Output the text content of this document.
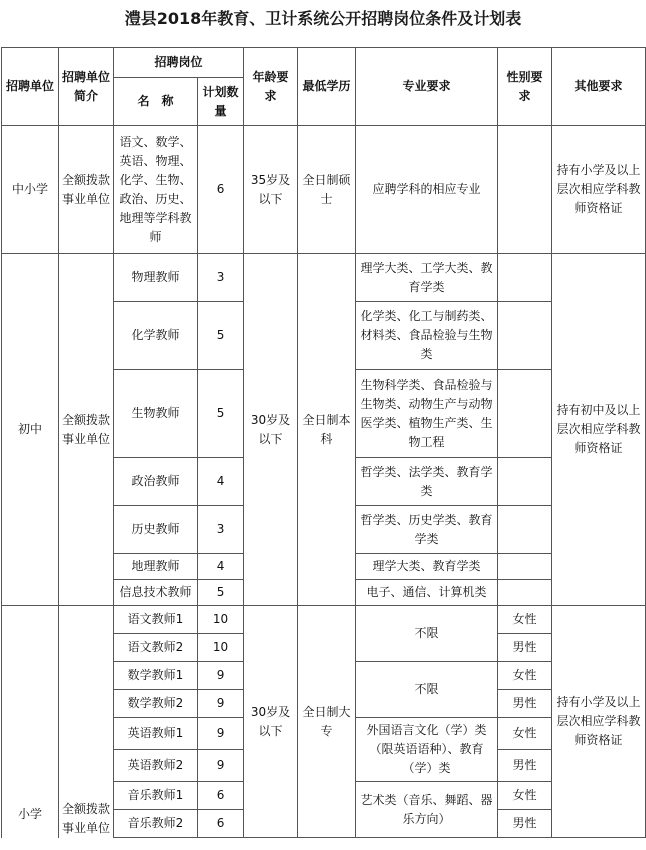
澧县2018年教育、卫计系统公开招聘岗位条件及计划表
招聘单位	招聘单位简介	招聘岗位		年龄要求	最低学历	专业要求	性别要求	其他要求
		名　称	计划数量					
中小学	全额拨款事业单位	语文、数学、英语、物理、化学、生物、政治、历史、地理等学科教师	6	35岁及以下	全日制硕士	应聘学科的相应专业		持有小学及以上层次相应学科教师资格证
初中	全额拨款事业单位	物理教师	3	30岁及以下	全日制本科	理学大类、工学大类、教育学类		持有初中及以上层次相应学科教师资格证
		化学教师	5			化学类、化工与制药类、材料类、食品检验与生物类		
		生物教师	5			生物科学类、食品检验与生物类、动物生产与动物医学类、植物生产类、生物工程		
		政治教师	4			哲学类、法学类、教育学类		
		历史教师	3			哲学类、历史学类、教育学类		
		地理教师	4			理学大类、教育学类		
		信息技术教师	5			电子、通信、计算机类		
小学	全额拨款事业单位	语文教师1	10	30岁及以下	全日制大专	不限	女性	持有小学及以上层次相应学科教师资格证
		语文教师2	10				男性	
		数学教师1	9			不限	女性	
		数学教师2	9				男性	
		英语教师1	9			外国语言文化（学）类（限英语语种）、教育（学）类	女性	
		英语教师2	9				男性	
		音乐教师1	6			艺术类（音乐、舞蹈、器乐方向）	女性	
		音乐教师2	6				男性	
